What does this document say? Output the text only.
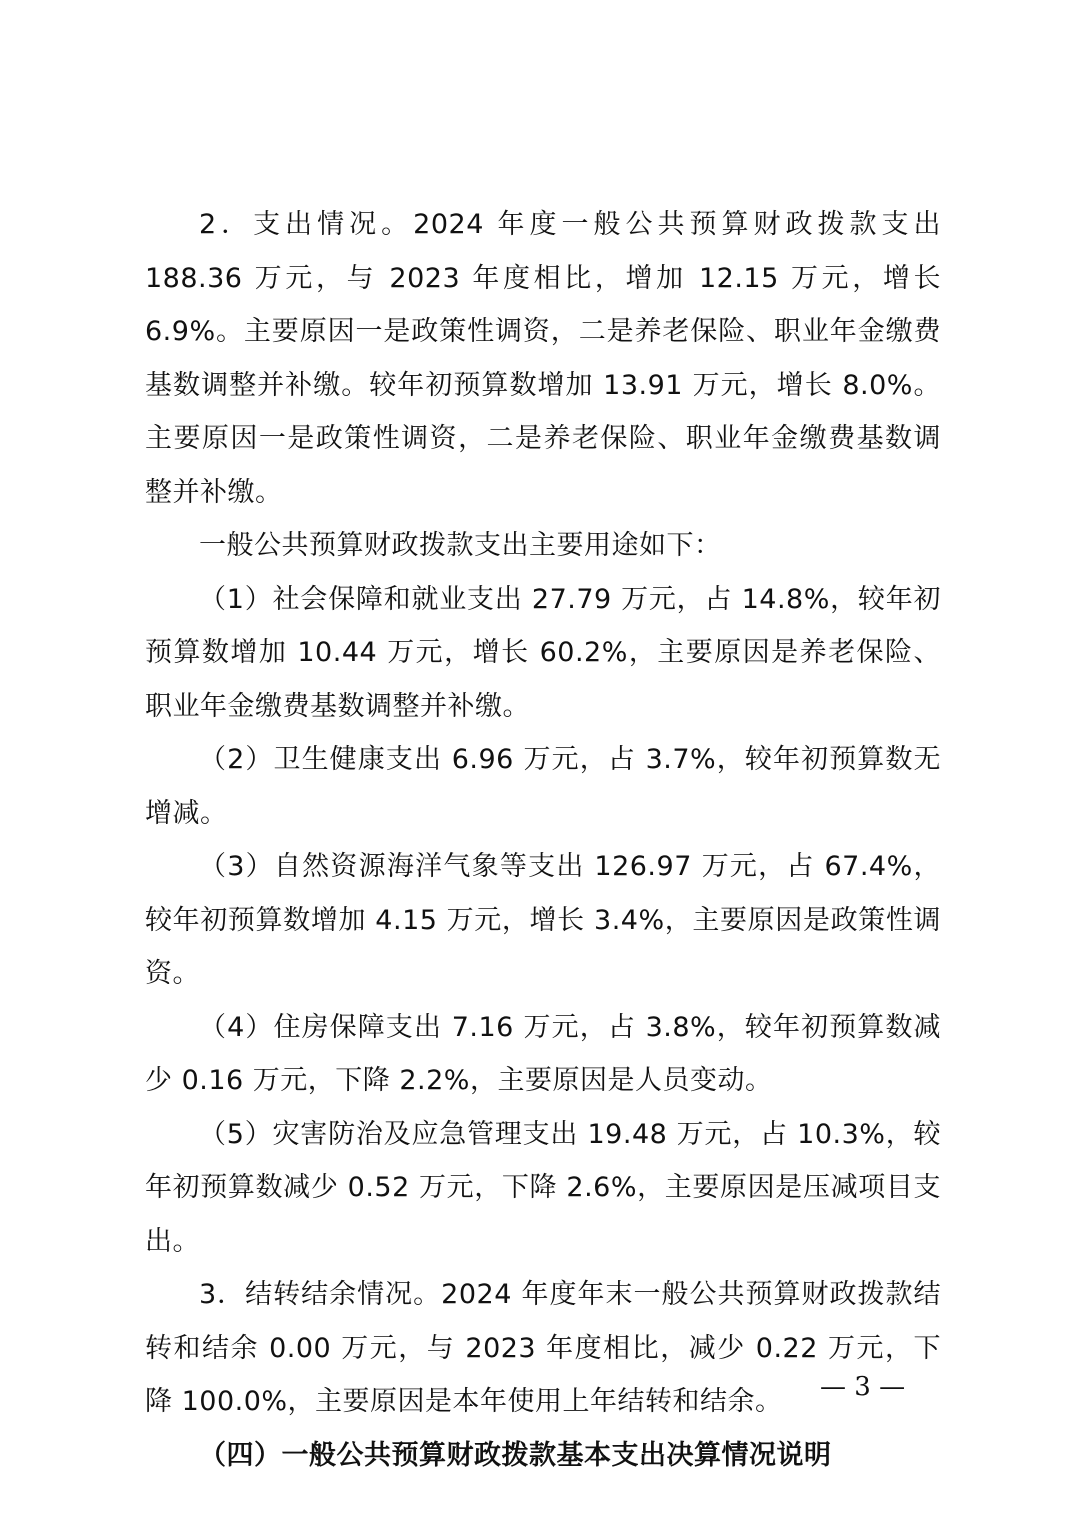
2．支出情况。2024 年度一般公共预算财政拨款支出 188.36 万元，与 2023 年度相比，增加 12.15 万元，增长 6.9%。主要原因一是政策性调资，二是养老保险、职业年金缴费基数调整并补缴。较年初预算数增加 13.91 万元，增长 8.0%。主要原因一是政策性调资，二是养老保险、职业年金缴费基数调整并补缴。

一般公共预算财政拨款支出主要用途如下：

（1）社会保障和就业支出 27.79 万元，占 14.8%，较年初预算数增加 10.44 万元，增长 60.2%，主要原因是养老保险、职业年金缴费基数调整并补缴。

（2）卫生健康支出 6.96 万元，占 3.7%，较年初预算数无增减。

（3）自然资源海洋气象等支出 126.97 万元，占 67.4%，较年初预算数增加 4.15 万元，增长 3.4%，主要原因是政策性调资。

（4）住房保障支出 7.16 万元，占 3.8%，较年初预算数减少 0.16 万元，下降 2.2%，主要原因是人员变动。

（5）灾害防治及应急管理支出 19.48 万元，占 10.3%，较年初预算数减少 0.52 万元，下降 2.6%，主要原因是压减项目支出。

3．结转结余情况。2024 年度年末一般公共预算财政拨款结转和结余 0.00 万元，与 2023 年度相比，减少 0.22 万元，下降 100.0%，主要原因是本年使用上年结转和结余。

（四）一般公共预算财政拨款基本支出决算情况说明

— 3 —
